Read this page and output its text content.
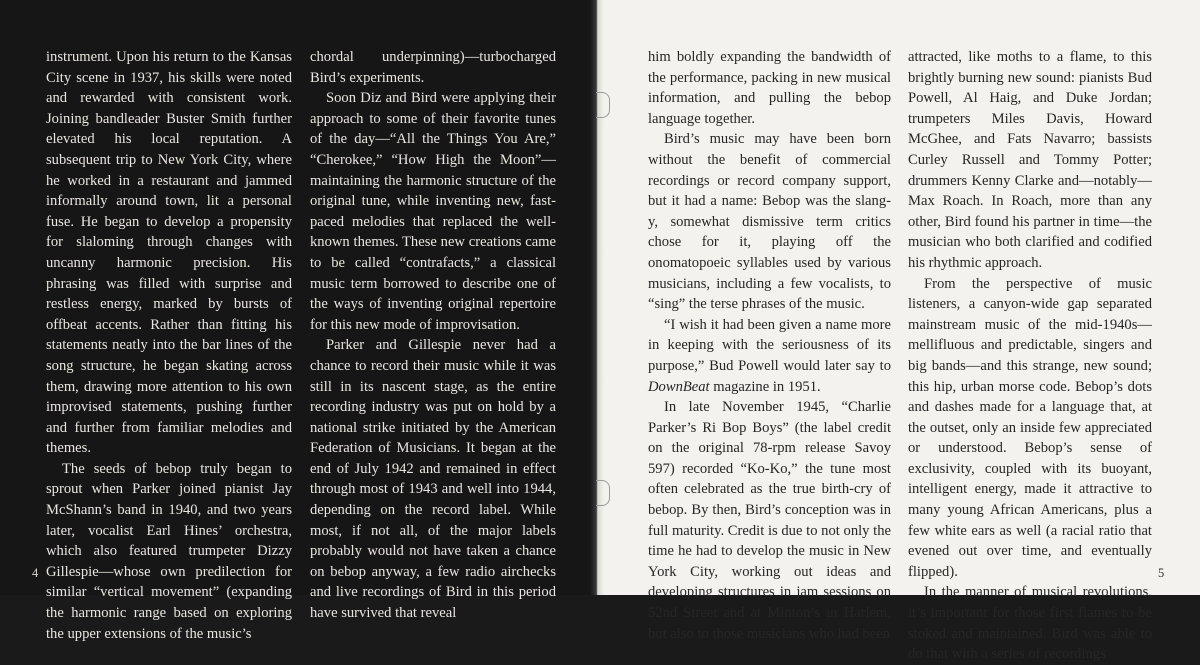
instrument. Upon his return to the Kansas City scene in 1937, his skills were noted and rewarded with consistent work. Joining bandleader Buster Smith further elevated his local reputation. A subsequent trip to New York City, where he worked in a restaurant and jammed informally around town, lit a personal fuse. He began to develop a propensity for slaloming through changes with uncanny harmonic precision. His phrasing was filled with surprise and restless energy, marked by bursts of offbeat accents. Rather than fitting his statements neatly into the bar lines of the song structure, he began skating across them, drawing more attention to his own improvised statements, pushing further and further from familiar melodies and themes.

The seeds of bebop truly began to sprout when Parker joined pianist Jay McShann’s band in 1940, and two years later, vocalist Earl Hines’ orchestra, which also featured trumpeter Dizzy Gillespie—whose own predilection for similar “vertical movement” (expanding the harmonic range based on exploring the upper extensions of the music’s

chordal underpinning)—turbocharged Bird’s experiments.

Soon Diz and Bird were applying their approach to some of their favorite tunes of the day—“All the Things You Are,” “Cherokee,” “How High the Moon”—maintaining the harmonic structure of the original tune, while inventing new, fast-paced melodies that replaced the well-known themes. These new creations came to be called “contrafacts,” a classical music term borrowed to describe one of the ways of inventing original repertoire for this new mode of improvisation.

Parker and Gillespie never had a chance to record their music while it was still in its nascent stage, as the entire recording industry was put on hold by a national strike initiated by the American Federation of Musicians. It began at the end of July 1942 and remained in effect through most of 1943 and well into 1944, depending on the record label. While most, if not all, of the major labels probably would not have taken a chance on bebop anyway, a few radio airchecks and live recordings of Bird in this period have survived that reveal

4

him boldly expanding the bandwidth of the performance, packing in new musical information, and pulling the bebop language together.

Bird’s music may have been born without the benefit of commercial recordings or record company support, but it had a name: Bebop was the slang-y, somewhat dismissive term critics chose for it, playing off the onomatopoeic syllables used by various musicians, including a few vocalists, to “sing” the terse phrases of the music.

“I wish it had been given a name more in keeping with the seriousness of its purpose,” Bud Powell would later say to DownBeat magazine in 1951.

In late November 1945, “Charlie Parker’s Ri Bop Boys” (the label credit on the original 78-rpm release Savoy 597) recorded “Ko-Ko,” the tune most often celebrated as the true birth-cry of bebop. By then, Bird’s conception was in full maturity. Credit is due to not only the time he had to develop the music in New York City, working out ideas and developing structures in jam sessions on 52nd Street and at Minton’s in Harlem, but also to those musicians who had been

attracted, like moths to a flame, to this brightly burning new sound: pianists Bud Powell, Al Haig, and Duke Jordan; trumpeters Miles Davis, Howard McGhee, and Fats Navarro; bassists Curley Russell and Tommy Potter; drummers Kenny Clarke and—notably—Max Roach. In Roach, more than any other, Bird found his partner in time—the musician who both clarified and codified his rhythmic approach.

From the perspective of music listeners, a canyon-wide gap separated mainstream music of the mid-1940s—mellifluous and predictable, singers and big bands—and this strange, new sound; this hip, urban morse code. Bebop’s dots and dashes made for a language that, at the outset, only an inside few appreciated or understood. Bebop’s sense of exclusivity, coupled with its buoyant, intelligent energy, made it attractive to many young African Americans, plus a few white ears as well (a racial ratio that evened out over time, and eventually flipped).

In the manner of musical revolutions, it’s important for those first flames to be stoked and maintained. Bird was able to do that with a series of recordings

5
